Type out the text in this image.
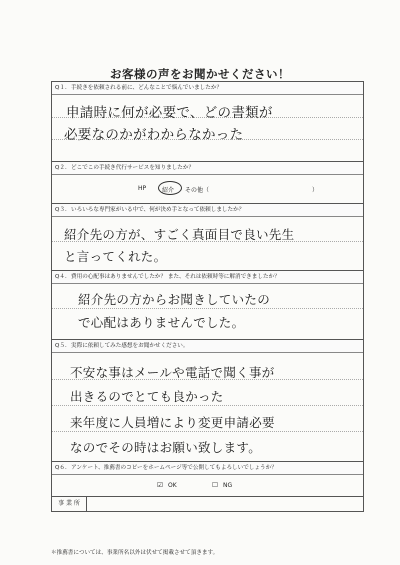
お客様の声をお聞かせください！
Q１．手続きを依頼される前に、どんなことで悩んでいましたか？
申請時に何が必要で、どの書類が
必要なのかがわからなかった
Q２．どこでこの手続き代行サービスを知りましたか？
HP	紹介 その他（	）
Q３．いろいろな専門家がいる中で、何が決め手となって依頼しましたか？
紹介先の方が、すごく真面目で良い先生
と言ってくれた。
Q４．費用の心配事はありませんでしたか？ また、それは依頼時等に解消できましたか？
紹介先の方からお聞きしていたの
で心配はありませんでした。
Q５．実際に依頼してみた感想をお聞かせください。
不安な事はメールや電話で聞く事が
出きるのでとても良かった
来年度に人員増により変更申請必要
なのでその時はお願い致します。
Q６．アンケート、推薦書のコピーをホームページ等で公開してもよろしいでしょうか？
☑ OK	☐ NG
事 業 所
＊推薦書については、事業所名以外は伏せて掲載させて頂きます。
